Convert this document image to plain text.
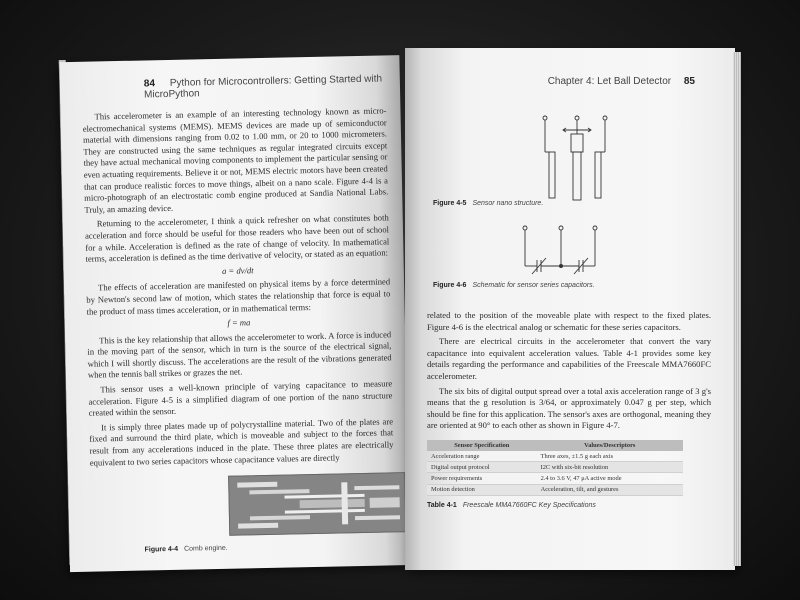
84 Python for Microcontrollers: Getting Started with MicroPython

This accelerometer is an example of an interesting technology known as micro-electromechanical systems (MEMS). MEMS devices are made up of semiconductor material with dimensions ranging from 0.02 to 1.00 mm, or 20 to 1000 micrometers. They are constructed using the same techniques as regular integrated circuits except they have actual mechanical moving components to implement the particular sensing or even actuating requirements. Believe it or not, MEMS electric motors have been created that can produce realistic forces to move things, albeit on a nano scale. Figure 4-4 is a micro-photograph of an electrostatic comb engine produced at Sandia National Labs. Truly, an amazing device.

Returning to the accelerometer, I think a quick refresher on what constitutes both acceleration and force should be useful for those readers who have been out of school for a while. Acceleration is defined as the rate of change of velocity. In mathematical terms, acceleration is defined as the time derivative of velocity, or stated as an equation:

a = dv/dt

The effects of acceleration are manifested on physical items by a force determined by Newton's second law of motion, which states the relationship that force is equal to the product of mass times acceleration, or in mathematical terms:

f = ma

This is the key relationship that allows the accelerometer to work. A force is induced in the moving part of the sensor, which in turn is the source of the electrical signal, which I will shortly discuss. The accelerations are the result of the vibrations generated when the tennis ball strikes or grazes the net.

This sensor uses a well-known principle of varying capacitance to measure acceleration. Figure 4-5 is a simplified diagram of one portion of the nano structure created within the sensor.

It is simply three plates made up of polycrystalline material. Two of the plates are fixed and surround the third plate, which is moveable and subject to the forces that result from any accelerations induced in the plate. These three plates are electrically equivalent to two series capacitors whose capacitance values are directly

Figure 4-4 Comb engine.
Chapter 4: Let Ball Detector 85
Figure 4-5 Sensor nano structure.
Figure 4-6 Schematic for sensor series capacitors.

related to the position of the moveable plate with respect to the fixed plates. Figure 4-6 is the electrical analog or schematic for these series capacitors.

There are electrical circuits in the accelerometer that convert the vary capacitance into equivalent acceleration values. Table 4-1 provides some key details regarding the performance and capabilities of the Freescale MMA7660FC accelerometer.

The six bits of digital output spread over a total axis acceleration range of 3 g's means that the g resolution is 3/64, or approximately 0.047 g per step, which should be fine for this application. The sensor's axes are orthogonal, meaning they are oriented at 90° to each other as shown in Figure 4-7.

Sensor Specification	Values/Descriptors
Acceleration range	Three axes, ±1.5 g each axis
Digital output protocol	I2C with six-bit resolution
Power requirements	2.4 to 3.6 V, 47 μA active mode
Motion detection	Acceleration, tilt, and gestures
Table 4-1 Freescale MMA7660FC Key Specifications
